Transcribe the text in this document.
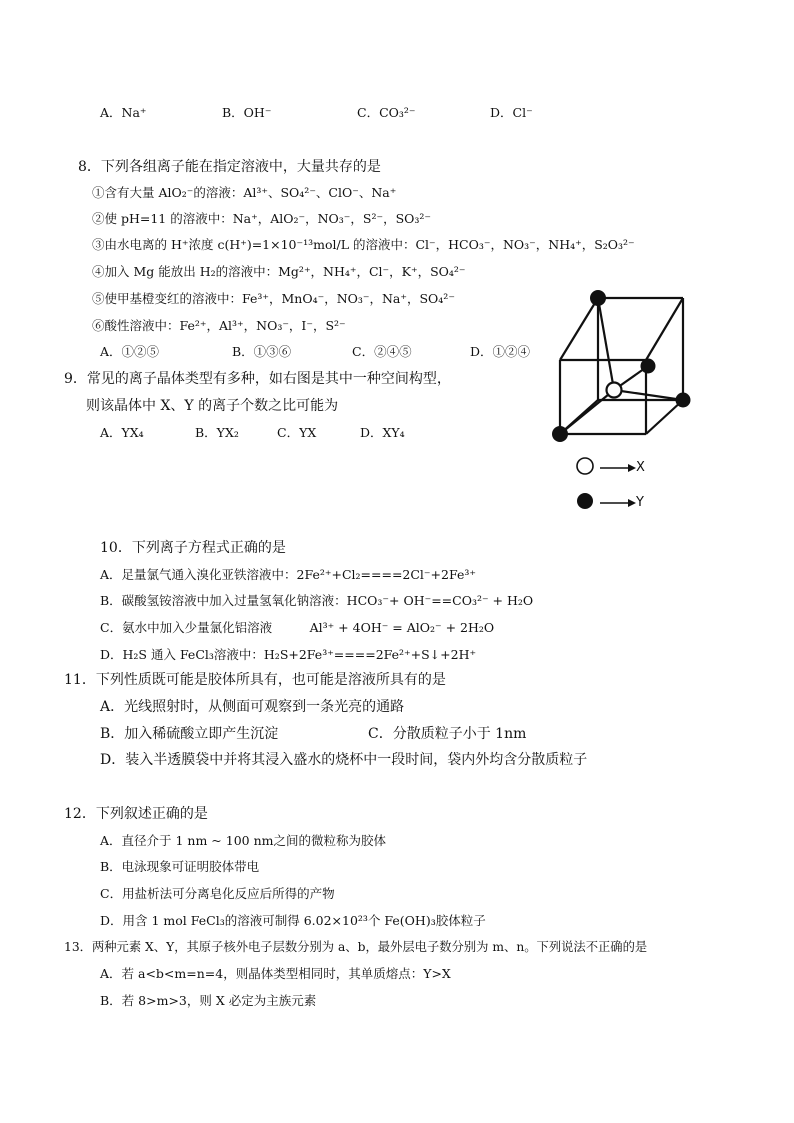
A．Na⁺	B．OH⁻	C．CO₃²⁻	D．Cl⁻
8．下列各组离子能在指定溶液中，大量共存的是
①含有大量 AlO₂⁻的溶液：Al³⁺、SO₄²⁻、ClO⁻、Na⁺
②使 pH=11 的溶液中：Na⁺，AlO₂⁻，NO₃⁻，S²⁻，SO₃²⁻
③由水电离的 H⁺浓度 c(H⁺)=1×10⁻¹³mol/L 的溶液中：Cl⁻，HCO₃⁻，NO₃⁻，NH₄⁺，S₂O₃²⁻
④加入 Mg 能放出 H₂的溶液中：Mg²⁺，NH₄⁺，Cl⁻，K⁺，SO₄²⁻
⑤使甲基橙变红的溶液中：Fe³⁺，MnO₄⁻，NO₃⁻，Na⁺，SO₄²⁻
⑥酸性溶液中：Fe²⁺，Al³⁺，NO₃⁻，I⁻，S²⁻
A．①②⑤	B．①③⑥	C．②④⑤	D．①②④
9．常见的离子晶体类型有多种，如右图是其中一种空间构型，
则该晶体中 X、Y 的离子个数之比可能为
A．YX₄	B．YX₂	C．YX	D．XY₄
X
Y
10．下列离子方程式正确的是
A．足量氯气通入溴化亚铁溶液中：2Fe²⁺+Cl₂====2Cl⁻+2Fe³⁺
B．碳酸氢铵溶液中加入过量氢氧化钠溶液：HCO₃⁻+ OH⁻==CO₃²⁻ + H₂O
C．氨水中加入少量氯化铝溶液　　　Al³⁺ + 4OH⁻ = AlO₂⁻ + 2H₂O
D．H₂S 通入 FeCl₃溶液中：H₂S+2Fe³⁺====2Fe²⁺+S↓+2H⁺
11．下列性质既可能是胶体所具有，也可能是溶液所具有的是
A．光线照射时，从侧面可观察到一条光亮的通路
B．加入稀硫酸立即产生沉淀	C．分散质粒子小于 1nm
D．装入半透膜袋中并将其浸入盛水的烧杯中一段时间，袋内外均含分散质粒子
12．下列叙述正确的是
A．直径介于 1 nm ~ 100 nm之间的微粒称为胶体
B．电泳现象可证明胶体带电
C．用盐析法可分离皂化反应后所得的产物
D．用含 1 mol FeCl₃的溶液可制得 6.02×10²³个 Fe(OH)₃胶体粒子
13．两种元素 X、Y，其原子核外电子层数分别为 a、b，最外层电子数分别为 m、n。下列说法不正确的是
A．若 a<b<m=n=4，则晶体类型相同时，其单质熔点：Y>X
B．若 8>m>3，则 X 必定为主族元素
